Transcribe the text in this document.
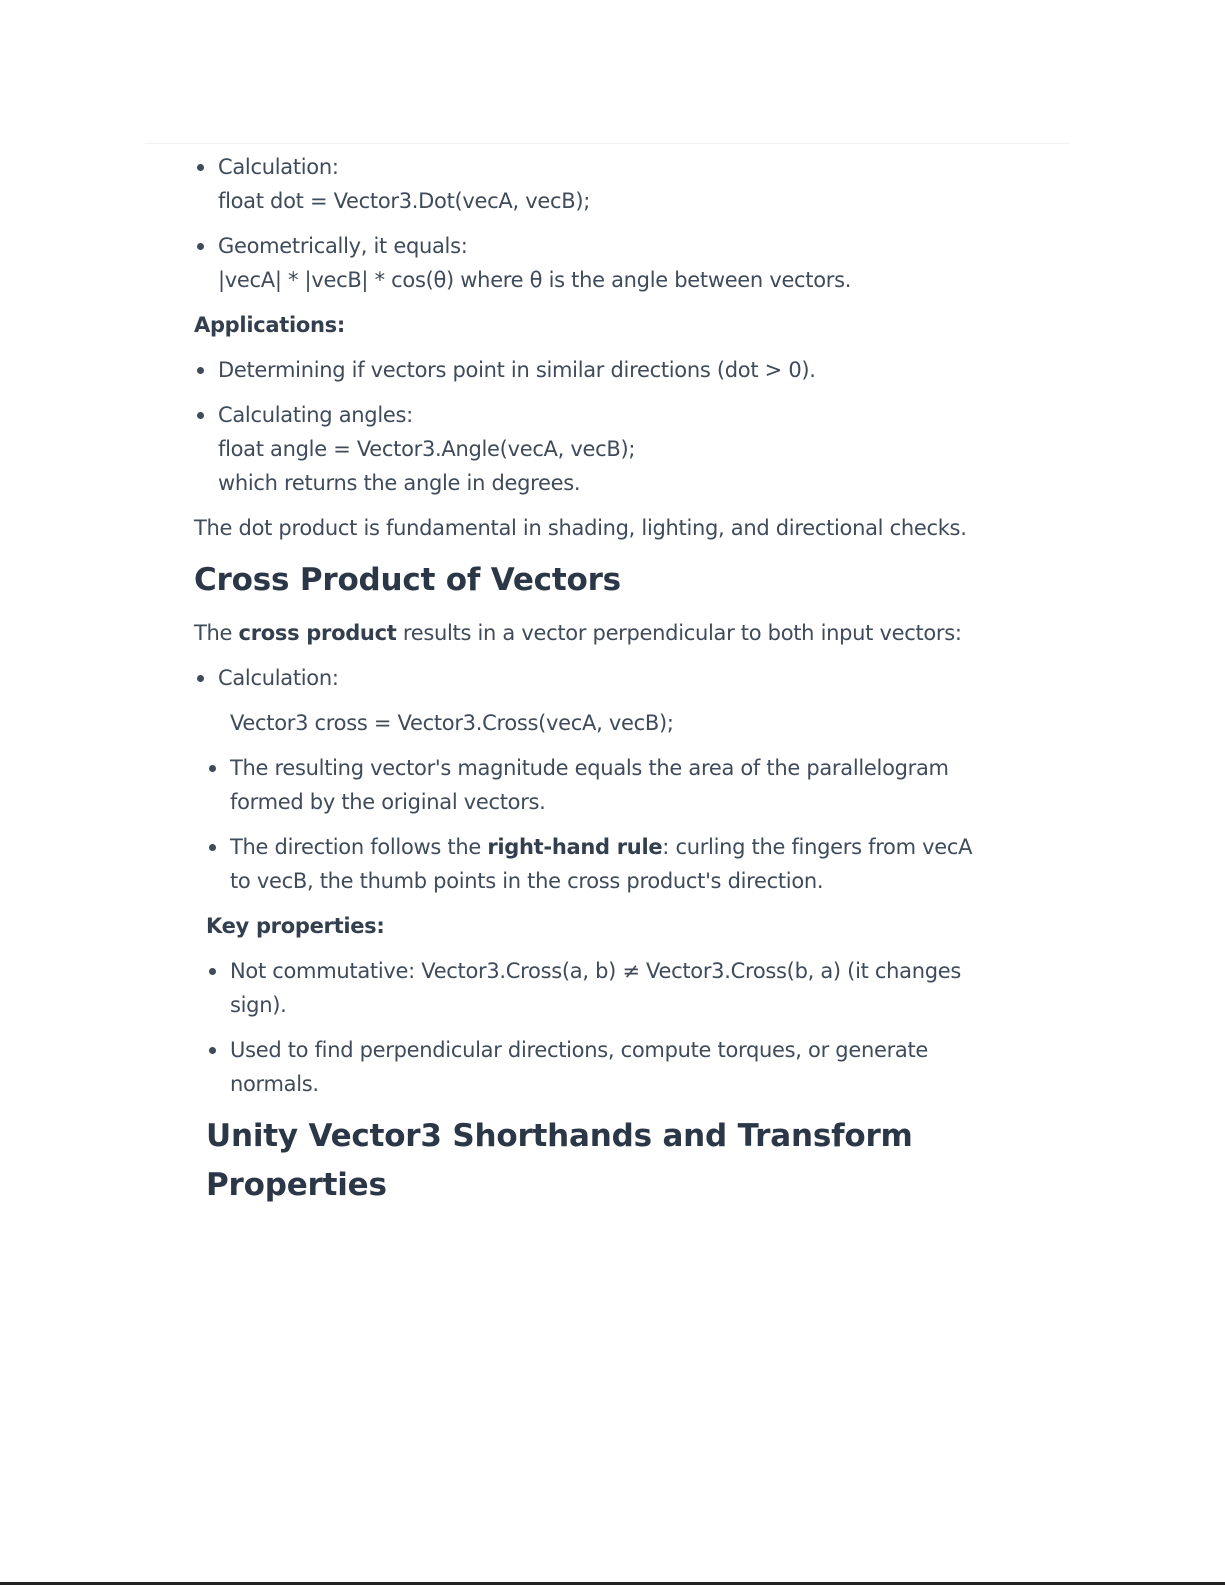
Calculation:
float dot = Vector3.Dot(vecA, vecB);
Geometrically, it equals:
|vecA| * |vecB| * cos(θ) where θ is the angle between vectors.

Applications:

Determining if vectors point in similar directions (dot > 0).
Calculating angles:
float angle = Vector3.Angle(vecA, vecB);
which returns the angle in degrees.

The dot product is fundamental in shading, lighting, and directional checks.

Cross Product of Vectors

The cross product results in a vector perpendicular to both input vectors:

Calculation:

Vector3 cross = Vector3.Cross(vecA, vecB);

The resulting vector's magnitude equals the area of the parallelogram formed by the original vectors.
The direction follows the right-hand rule: curling the fingers from vecA to vecB, the thumb points in the cross product's direction.

Key properties:

Not commutative: Vector3.Cross(a, b) ≠ Vector3.Cross(b, a) (it changes sign).
Used to find perpendicular directions, compute torques, or generate normals.
Unity Vector3 Shorthands and Transform Properties
